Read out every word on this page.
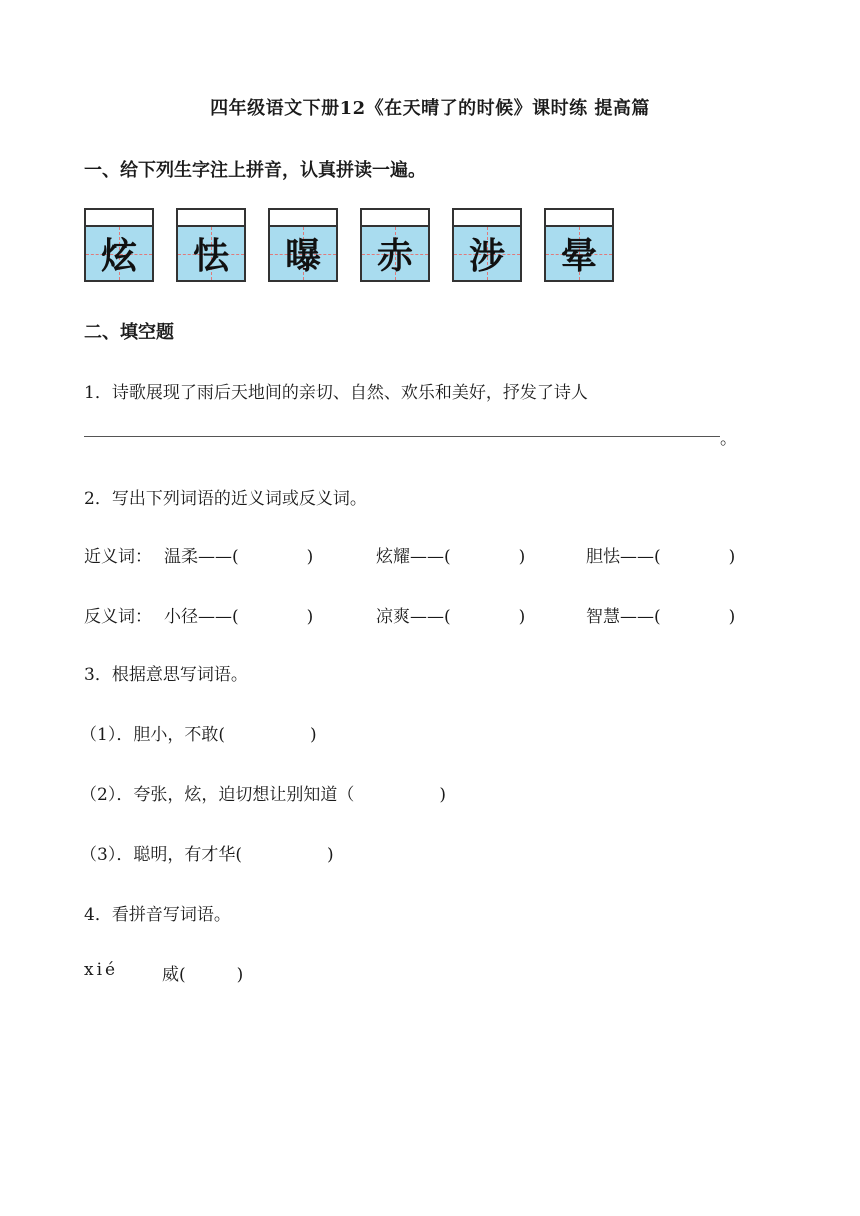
四年级语文下册12《在天晴了的时候》课时练 提高篇
一、给下列生字注上拼音，认真拼读一遍。
炫	怯	曝	赤	涉	晕
二、填空题
1．诗歌展现了雨后天地间的亲切、自然、欢乐和美好，抒发了诗人
。
2．写出下列词语的近义词或反义词。
近义词： 温柔——(　　　　)	炫耀——(　　　　)	胆怯——(　　　　)
反义词： 小径——(　　　　)	凉爽——(　　　　)	智慧——(　　　　)
3．根据意思写词语。
（1）．胆小，不敢(　　　　　)
（2）．夸张，炫，迫切想让别知道（　　　　　)
（3）．聪明，有才华(　　　　　)
4．看拼音写词语。
xié	威(　　　)
